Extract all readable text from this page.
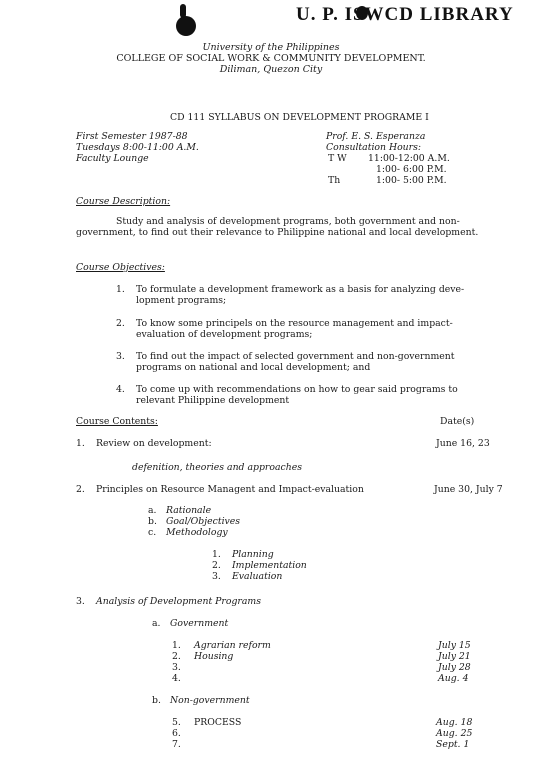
U. P. ISWCD LIBRARY
University of the Philippines
COLLEGE OF SOCIAL WORK & COMMUNITY DEVELOPMENT.
Diliman, Quezon City
CD 111 SYLLABUS ON DEVELOPMENT PROGRAME I
First Semester 1987-88
Tuesdays 8:00-11:00 A.M.
Faculty Lounge
Prof. E. S. Esperanza
Consultation Hours:
T W 11:00-12:00 A.M.
1:00- 6:00 P.M.
Th	1:00- 5:00 P.M.
Course Description:
Study and analysis of development programs, both government and non-government, to find out their relevance to Philippine national and local development.
Course Objectives:
1. To formulate a development framework as a basis for analyzing deve-
lopment programs;
2. To know some principels on the resource management and impact-
evaluation of development programs;
3. To find out the impact of selected government and non-government
programs on national and local development; and
4. To come up with recommendations on how to gear said programs to
relevant Philippine development
Course Contents:	Date(s)
1. Review on development:	June 16, 23
defenition, theories and approaches
2. Principles on Resource Managent and Impact-evaluation	June 30, July 7
a. Rationale
b. Goal/Objectives
c. Methodology
1. Planning
2. Implementation
3. Evaluation
3. Analysis of Development Programs
a. Government
1. Agrarian reform	July 15
2. Housing	July 21
3.	July 28
4.	Aug. 4
b. Non-government
5. PROCESS	Aug. 18
6.	Aug. 25
7.	Sept. 1
